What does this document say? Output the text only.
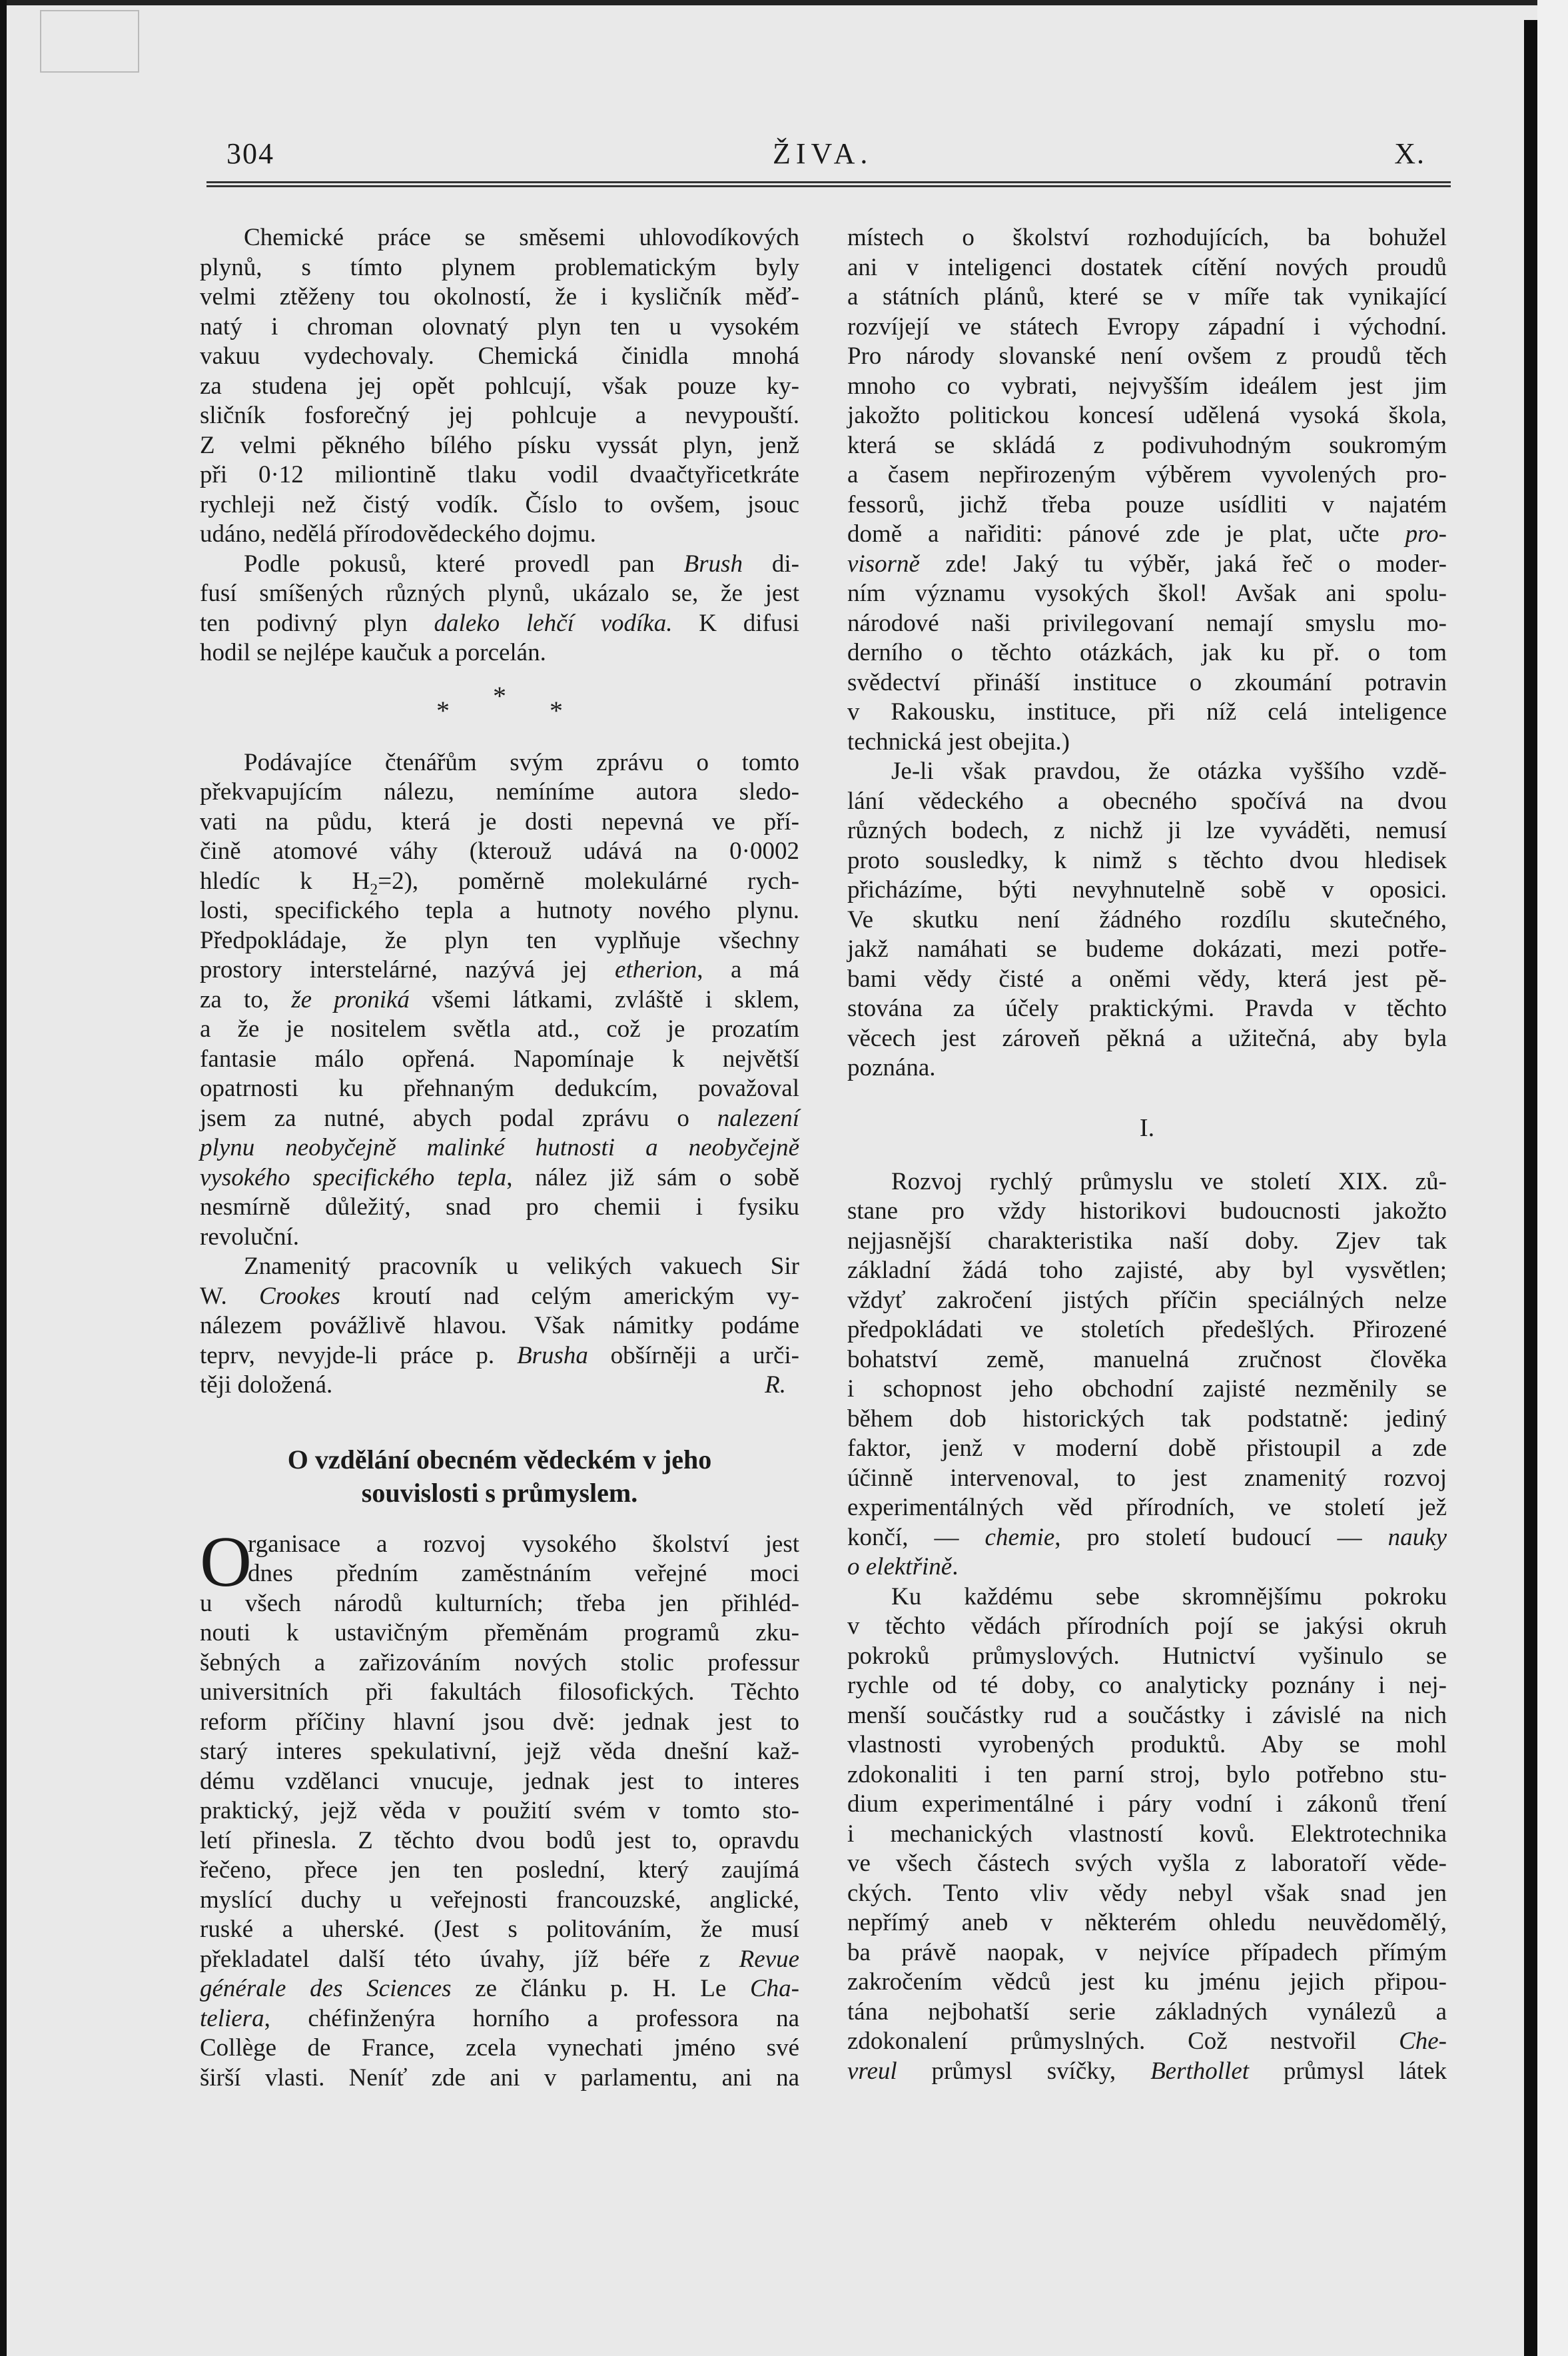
304	ŽIVA.	X.
Chemické práce se směsemi uhlovodíkových
plynů, s tímto plynem problematickým byly
velmi ztěženy tou okolností, že i kysličník měď-
natý i chroman olovnatý plyn ten u vysokém
vakuu vydechovaly. Chemická činidla mnohá
za studena jej opět pohlcují, však pouze ky-
sličník fosforečný jej pohlcuje a nevypouští.
Z velmi pěkného bílého písku vyssát plyn, jenž
při 0·12 miliontině tlaku vodil dvaačtyřicetkráte
rychleji než čistý vodík. Číslo to ovšem, jsouc
udáno, nedělá přírodovědeckého dojmu.
Podle pokusů, které provedl pan Brush di-
fusí smíšených různých plynů, ukázalo se, že jest
ten podivný plyn daleko lehčí vodíka. K difusi
hodil se nejlépe kaučuk a porcelán.
*
*	*
Podávajíce čtenářům svým zprávu o tomto
překvapujícím nálezu, nemíníme autora sledo-
vati na půdu, která je dosti nepevná ve pří-
čině atomové váhy (kterouž udává na 0·0002
hledíc k $H_2=2$), poměrně molekulárné rych-
losti, specifického tepla a hutnoty nového plynu.
Předpokládaje, že plyn ten vyplňuje všechny
prostory interstelárné, nazývá jej etherion, a má
za to, že proniká všemi látkami, zvláště i sklem,
a že je nositelem světla atd., což je prozatím
fantasie málo opřená. Napomínaje k největší
opatrnosti ku přehnaným dedukcím, považoval
jsem za nutné, abych podal zprávu o nalezení
plynu neobyčejně malinké hutnosti a neobyčejně
vysokého specifického tepla, nález již sám o sobě
nesmírně důležitý, snad pro chemii i fysiku
revoluční.
Znamenitý pracovník u velikých vakuech Sir
W. Crookes kroutí nad celým americkým vy-
nálezem povážlivě hlavou. Však námitky podáme
teprv, nevyjde-li práce p. Brusha obšírněji a urči-
těji doložená.	R.
O vzdělání obecném vědeckém v jeho
souvislosti s průmyslem.
O
rganisace a rozvoj vysokého školství jest
dnes předním zaměstnáním veřejné moci
u všech národů kulturních; třeba jen přihléd-
nouti k ustavičným přeměnám programů zku-
šebných a zařizováním nových stolic professur
universitních při fakultách filosofických. Těchto
reform příčiny hlavní jsou dvě: jednak jest to
starý interes spekulativní, jejž věda dnešní kaž-
dému vzdělanci vnucuje, jednak jest to interes
praktický, jejž věda v použití svém v tomto sto-
letí přinesla. Z těchto dvou bodů jest to, opravdu
řečeno, přece jen ten poslední, který zaujímá
myslící duchy u veřejnosti francouzské, anglické,
ruské a uherské. (Jest s politováním, že musí
překladatel další této úvahy, jíž béře z Revue
générale des Sciences ze článku p. H. Le Cha-
teliera, chéfinženýra horního a professora na
Collège de France, zcela vynechati jméno své
širší vlasti. Neníť zde ani v parlamentu, ani na
místech o školství rozhodujících, ba bohužel
ani v inteligenci dostatek cítění nových proudů
a státních plánů, které se v míře tak vynikající
rozvíjejí ve státech Evropy západní i východní.
Pro národy slovanské není ovšem z proudů těch
mnoho co vybrati, nejvyšším ideálem jest jim
jakožto politickou koncesí udělená vysoká škola,
která se skládá z podivuhodným soukromým
a časem nepřirozeným výběrem vyvolených pro-
fessorů, jichž třeba pouze usídliti v najatém
domě a nařiditi: pánové zde je plat, učte pro-
visorně zde! Jaký tu výběr, jaká řeč o moder-
ním významu vysokých škol! Avšak ani spolu-
národové naši privilegovaní nemají smyslu mo-
derního o těchto otázkách, jak ku př. o tom
svědectví přináší instituce o zkoumání potravin
v Rakousku, instituce, při níž celá inteligence
technická jest obejita.)
Je-li však pravdou, že otázka vyššího vzdě-
lání vědeckého a obecného spočívá na dvou
různých bodech, z nichž ji lze vyváděti, nemusí
proto sousledky, k nimž s těchto dvou hledisek
přicházíme, býti nevyhnutelně sobě v oposici.
Ve skutku není žádného rozdílu skutečného,
jakž namáhati se budeme dokázati, mezi potře-
bami vědy čisté a oněmi vědy, která jest pě-
stována za účely praktickými. Pravda v těchto
věcech jest zároveň pěkná a užitečná, aby byla
poznána.
I.
Rozvoj rychlý průmyslu ve století XIX. zů-
stane pro vždy historikovi budoucnosti jakožto
nejjasnější charakteristika naší doby. Zjev tak
základní žádá toho zajisté, aby byl vysvětlen;
vždyť zakročení jistých příčin speciálných nelze
předpokládati ve stoletích předešlých. Přirozené
bohatství země, manuelná zručnost člověka
i schopnost jeho obchodní zajisté nezměnily se
během dob historických tak podstatně: jediný
faktor, jenž v moderní době přistoupil a zde
účinně intervenoval, to jest znamenitý rozvoj
experimentálných věd přírodních, ve století jež
končí, — chemie, pro století budoucí — nauky
o elektřině.
Ku každému sebe skromnějšímu pokroku
v těchto vědách přírodních pojí se jakýsi okruh
pokroků průmyslových. Hutnictví vyšinulo se
rychle od té doby, co analyticky poznány i nej-
menší součástky rud a součástky i závislé na nich
vlastnosti vyrobených produktů. Aby se mohl
zdokonaliti i ten parní stroj, bylo potřebno stu-
dium experimentálné i páry vodní i zákonů tření
i mechanických vlastností kovů. Elektrotechnika
ve všech částech svých vyšla z laboratoří věde-
ckých. Tento vliv vědy nebyl však snad jen
nepřímý aneb v některém ohledu neuvědomělý,
ba právě naopak, v nejvíce případech přímým
zakročením vědců jest ku jménu jejich připou-
tána nejbohatší serie základných vynálezů a
zdokonalení průmyslných. Což nestvořil Che-
vreul průmysl svíčky, Berthollet průmysl látek
